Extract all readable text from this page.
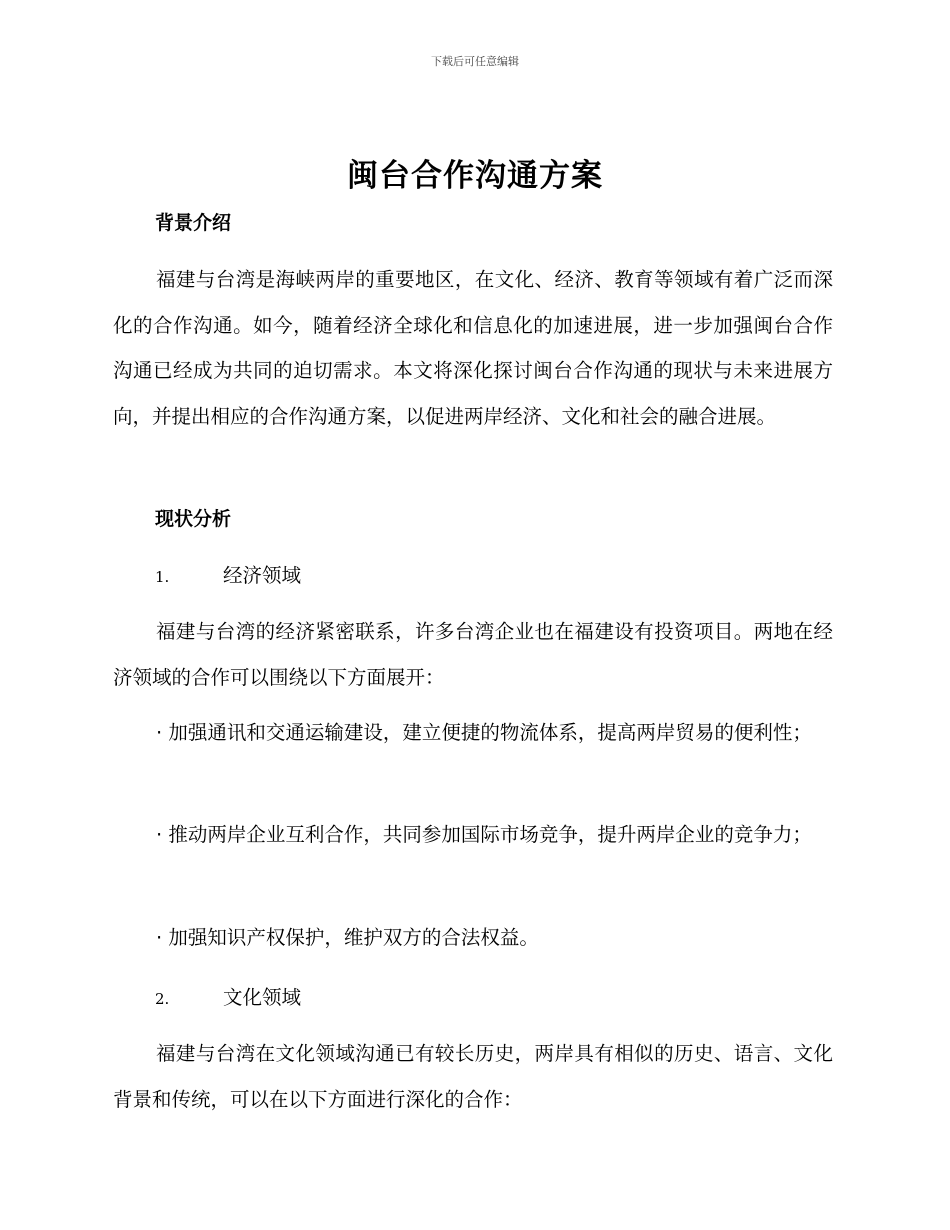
下载后可任意编辑
闽台合作沟通方案
背景介绍
福建与台湾是海峡两岸的重要地区，在文化、经济、教育等领域有着广泛而深化的合作沟通。如今，随着经济全球化和信息化的加速进展，进一步加强闽台合作沟通已经成为共同的迫切需求。本文将深化探讨闽台合作沟通的现状与未来进展方向，并提出相应的合作沟通方案，以促进两岸经济、文化和社会的融合进展。
现状分析
1.	经济领域
福建与台湾的经济紧密联系，许多台湾企业也在福建设有投资项目。两地在经济领域的合作可以围绕以下方面展开：
· 加强通讯和交通运输建设，建立便捷的物流体系，提高两岸贸易的便利性；
· 推动两岸企业互利合作，共同参加国际市场竞争，提升两岸企业的竞争力；
· 加强知识产权保护，维护双方的合法权益。
2.	文化领域
福建与台湾在文化领域沟通已有较长历史，两岸具有相似的历史、语言、文化背景和传统，可以在以下方面进行深化的合作：
